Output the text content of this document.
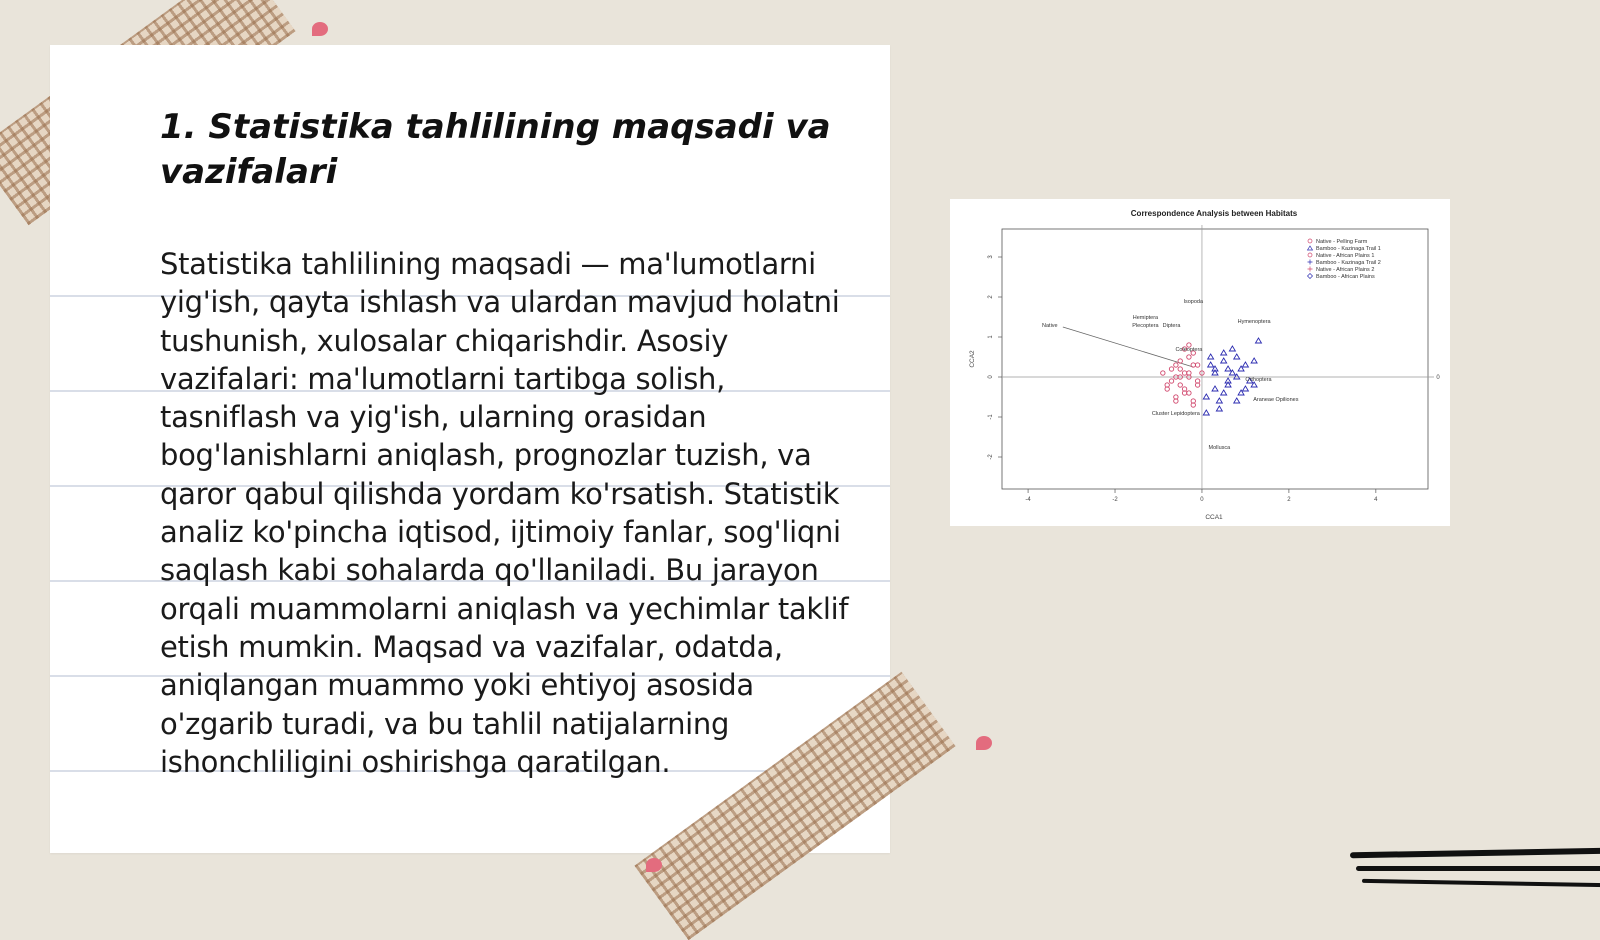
1. Statistika tahlilining maqsadi va vazifalari

Statistika tahlilining maqsadi — ma'lumotlarni yig'ish, qayta ishlash va ulardan mavjud holatni tushunish, xulosalar chiqarishdir. Asosiy vazifalari: ma'lumotlarni tartibga solish, tasniflash va yig'ish, ularning orasidan bog'lanishlarni aniqlash, prognozlar tuzish, va qaror qabul qilishda yordam ko'rsatish. Statistik analiz ko'pincha iqtisod, ijtimoiy fanlar, sog'liqni saqlash kabi sohalarda qo'llaniladi. Bu jarayon orqali muammolarni aniqlash va yechimlar taklif etish mumkin. Maqsad va vazifalar, odatda, aniqlangan muammo yoki ehtiyoj asosida o'zgarib turadi, va bu tahlil natijalarning ishonchliligini oshirishga qaratilgan.

Correspondence Analysis between Habitats
-4	-2	0	2	4
-2
-1
0
1
2
3
0
CCA1
CCA2
Isopoda
Hemiptera
Plecoptera Diptera
Hymenoptera
Native
Coleoptera
Orthoptera
Araneae Opiliones
Cluster Lepidoptera
Mollusca
Native - Pelling Farm
Bamboo - Kazinaga Trail 1
Native - African Plains 1
Bamboo - Kazinaga Trail 2
Native - African Plains 2
Bamboo - African Plains
